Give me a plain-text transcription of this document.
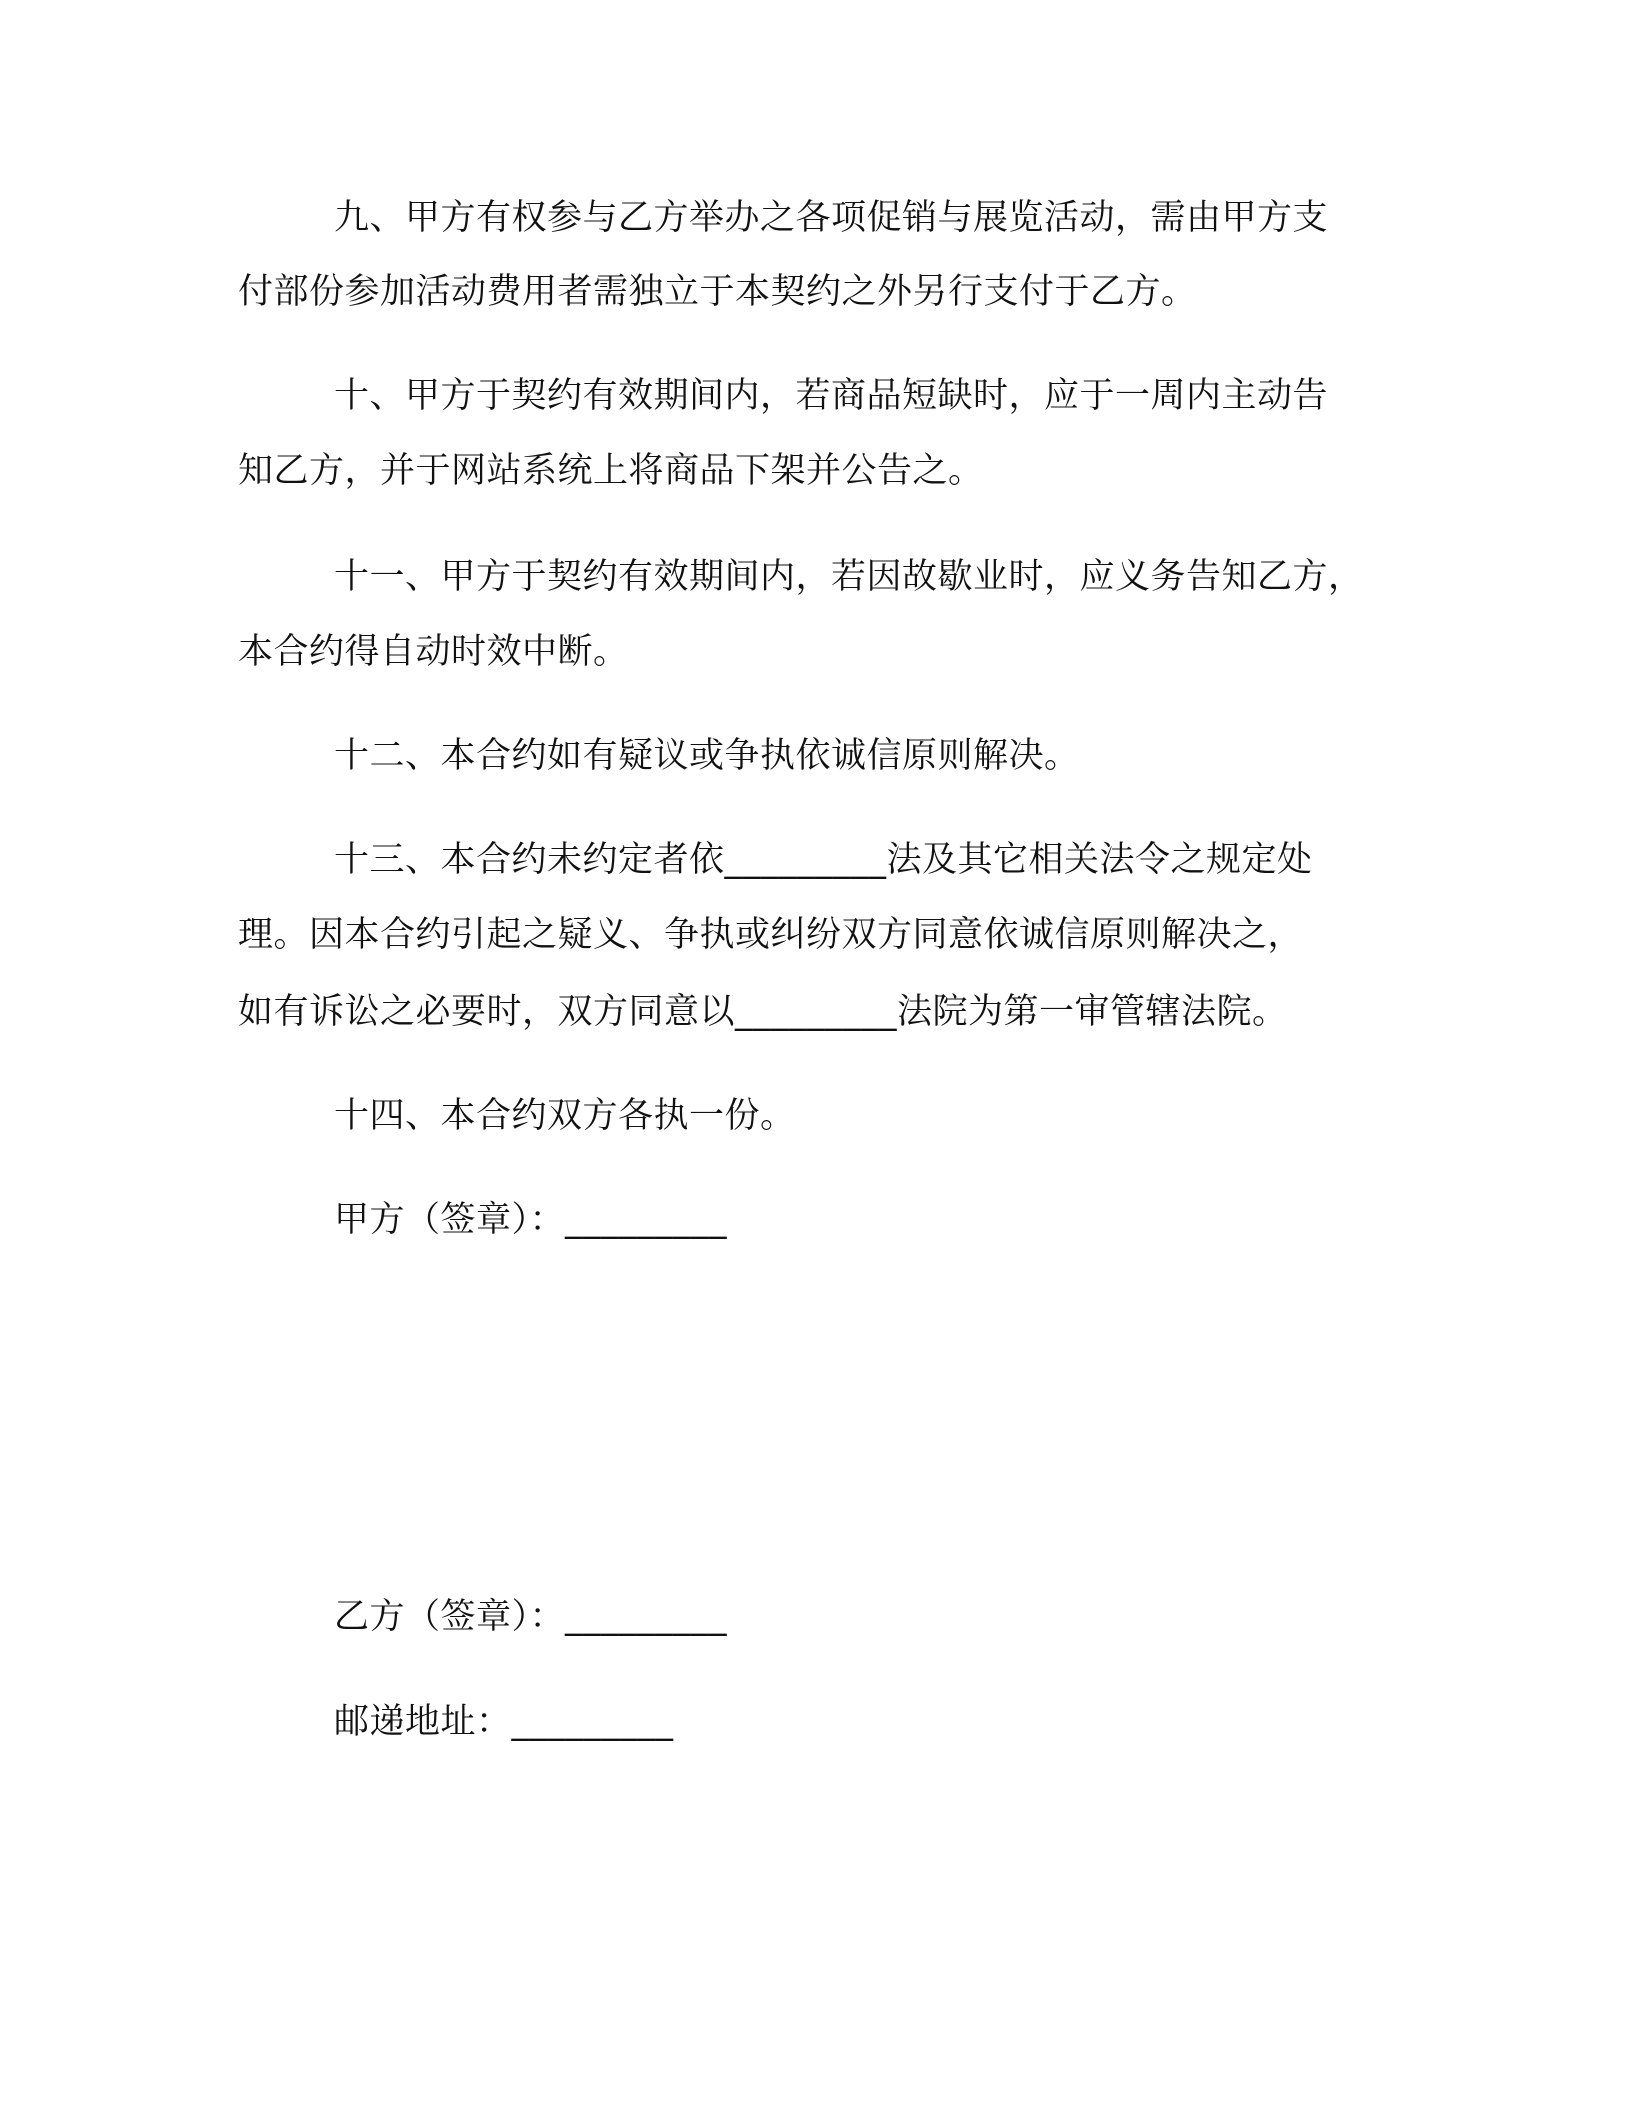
九、甲方有权参与乙方举办之各项促销与展览活动，需由甲方支
付部份参加活动费用者需独立于本契约之外另行支付于乙方。
十、甲方于契约有效期间内，若商品短缺时，应于一周内主动告
知乙方，并于网站系统上将商品下架并公告之。
十一、甲方于契约有效期间内，若因故歇业时，应义务告知乙方，
本合约得自动时效中断。
十二、本合约如有疑议或争执依诚信原则解决。
十三、本合约未约定者依_________法及其它相关法令之规定处
理。因本合约引起之疑义、争执或纠纷双方同意依诚信原则解决之，
如有诉讼之必要时，双方同意以_________法院为第一审管辖法院。
十四、本合约双方各执一份。
甲方（签章）：_________
乙方（签章）：_________
邮递地址：_________
